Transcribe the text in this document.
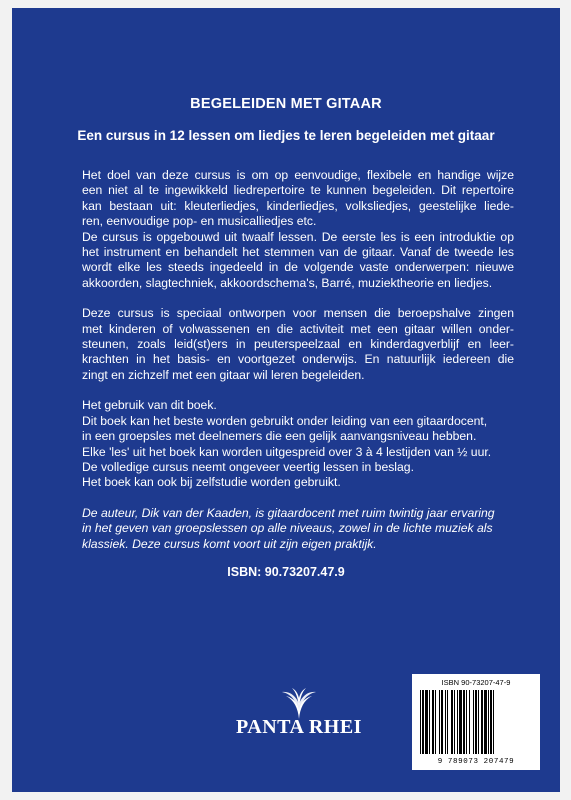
BEGELEIDEN MET GITAAR
Een cursus in 12 lessen om liedjes te leren begeleiden met gitaar
Het doel van deze cursus is om op eenvoudige, flexibele en handige wijze
een niet al te ingewikkeld liedrepertoire te kunnen begeleiden. Dit repertoire
kan bestaan uit: kleuterliedjes, kinderliedjes, volksliedjes, geestelijke liede-
ren, eenvoudige pop- en musicalliedjes etc.
De cursus is opgebouwd uit twaalf lessen. De eerste les is een introduktie op
het instrument en behandelt het stemmen van de gitaar. Vanaf de tweede les
wordt elke les steeds ingedeeld in de volgende vaste onderwerpen: nieuwe
akkoorden, slagtechniek, akkoordschema's, Barré, muziektheorie en liedjes.
Deze cursus is speciaal ontworpen voor mensen die beroepshalve zingen
met kinderen of volwassenen en die activiteit met een gitaar willen onder-
steunen, zoals leid(st)ers in peuterspeelzaal en kinderdagverblijf en leer-
krachten in het basis- en voortgezet onderwijs. En natuurlijk iedereen die
zingt en zichzelf met een gitaar wil leren begeleiden.
Het gebruik van dit boek.
Dit boek kan het beste worden gebruikt onder leiding van een gitaardocent,
in een groepsles met deelnemers die een gelijk aanvangsniveau hebben.
Elke 'les' uit het boek kan worden uitgespreid over 3 à 4 lestijden van ½ uur.
De volledige cursus neemt ongeveer veertig lessen in beslag.
Het boek kan ook bij zelfstudie worden gebruikt.
De auteur, Dik van der Kaaden, is gitaardocent met ruim twintig jaar ervaring
in het geven van groepslessen op alle niveaus, zowel in de lichte muziek als
klassiek. Deze cursus komt voort uit zijn eigen praktijk.
ISBN: 90.73207.47.9
PANTA RHEI
ISBN 90-73207-47-9
9 789073 207479
